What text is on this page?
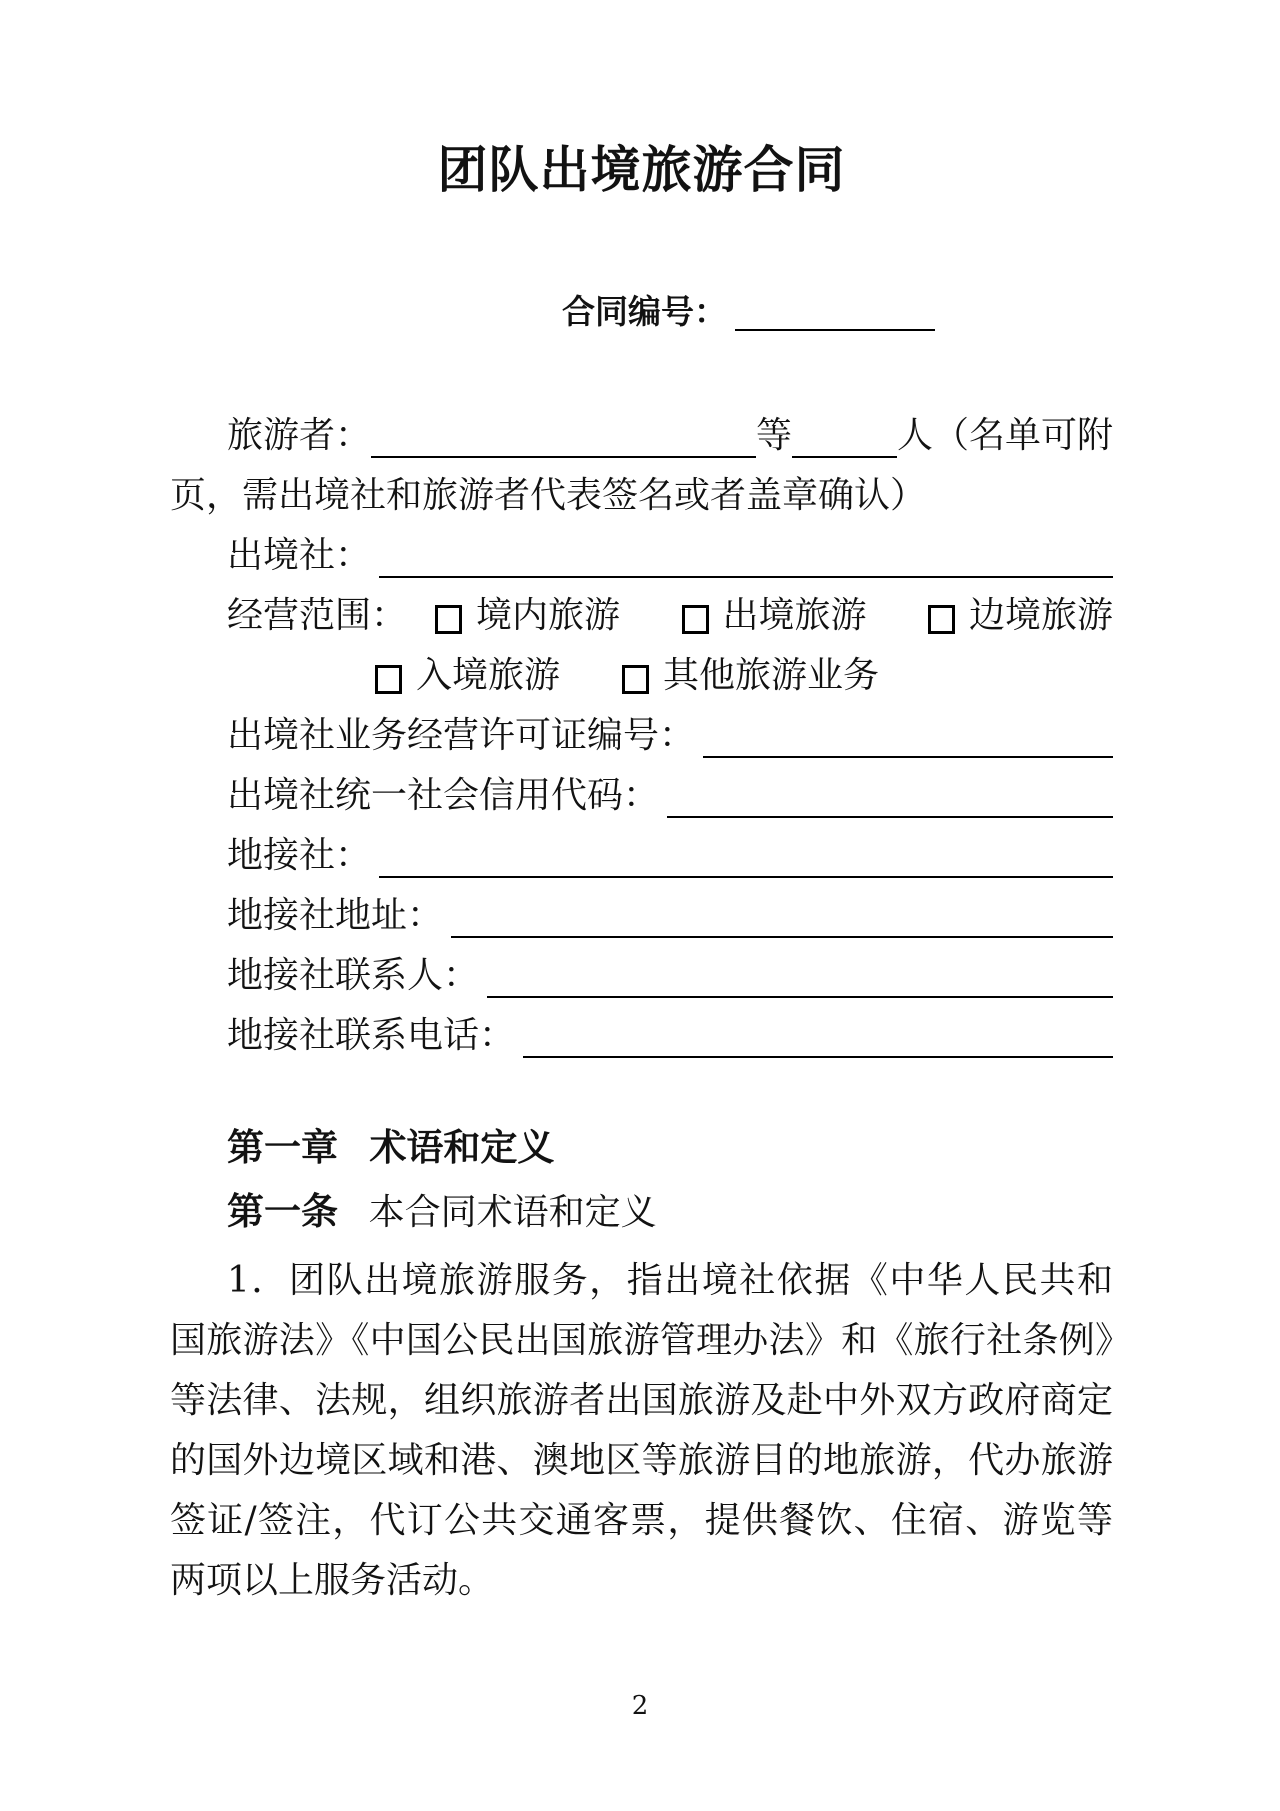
团队出境旅游合同
合同编号：
旅游者：	等	人（名单可附
页，需出境社和旅游者代表签名或者盖章确认）
出境社：
经营范围： 境内旅游	出境旅游	边境旅游
入境旅游	其他旅游业务
出境社业务经营许可证编号：
出境社统一社会信用代码：
地接社：
地接社地址：
地接社联系人：
地接社联系电话：
第一章 术语和定义
第一条 本合同术语和定义

1．团队出境旅游服务，指出境社依据《中华人民共和国旅游法》《中国公民出国旅游管理办法》和《旅行社条例》等法律、法规，组织旅游者出国旅游及赴中外双方政府商定的国外边境区域和港、澳地区等旅游目的地旅游，代办旅游签证/签注，代订公共交通客票，提供餐饮、住宿、游览等两项以上服务活动。

2
